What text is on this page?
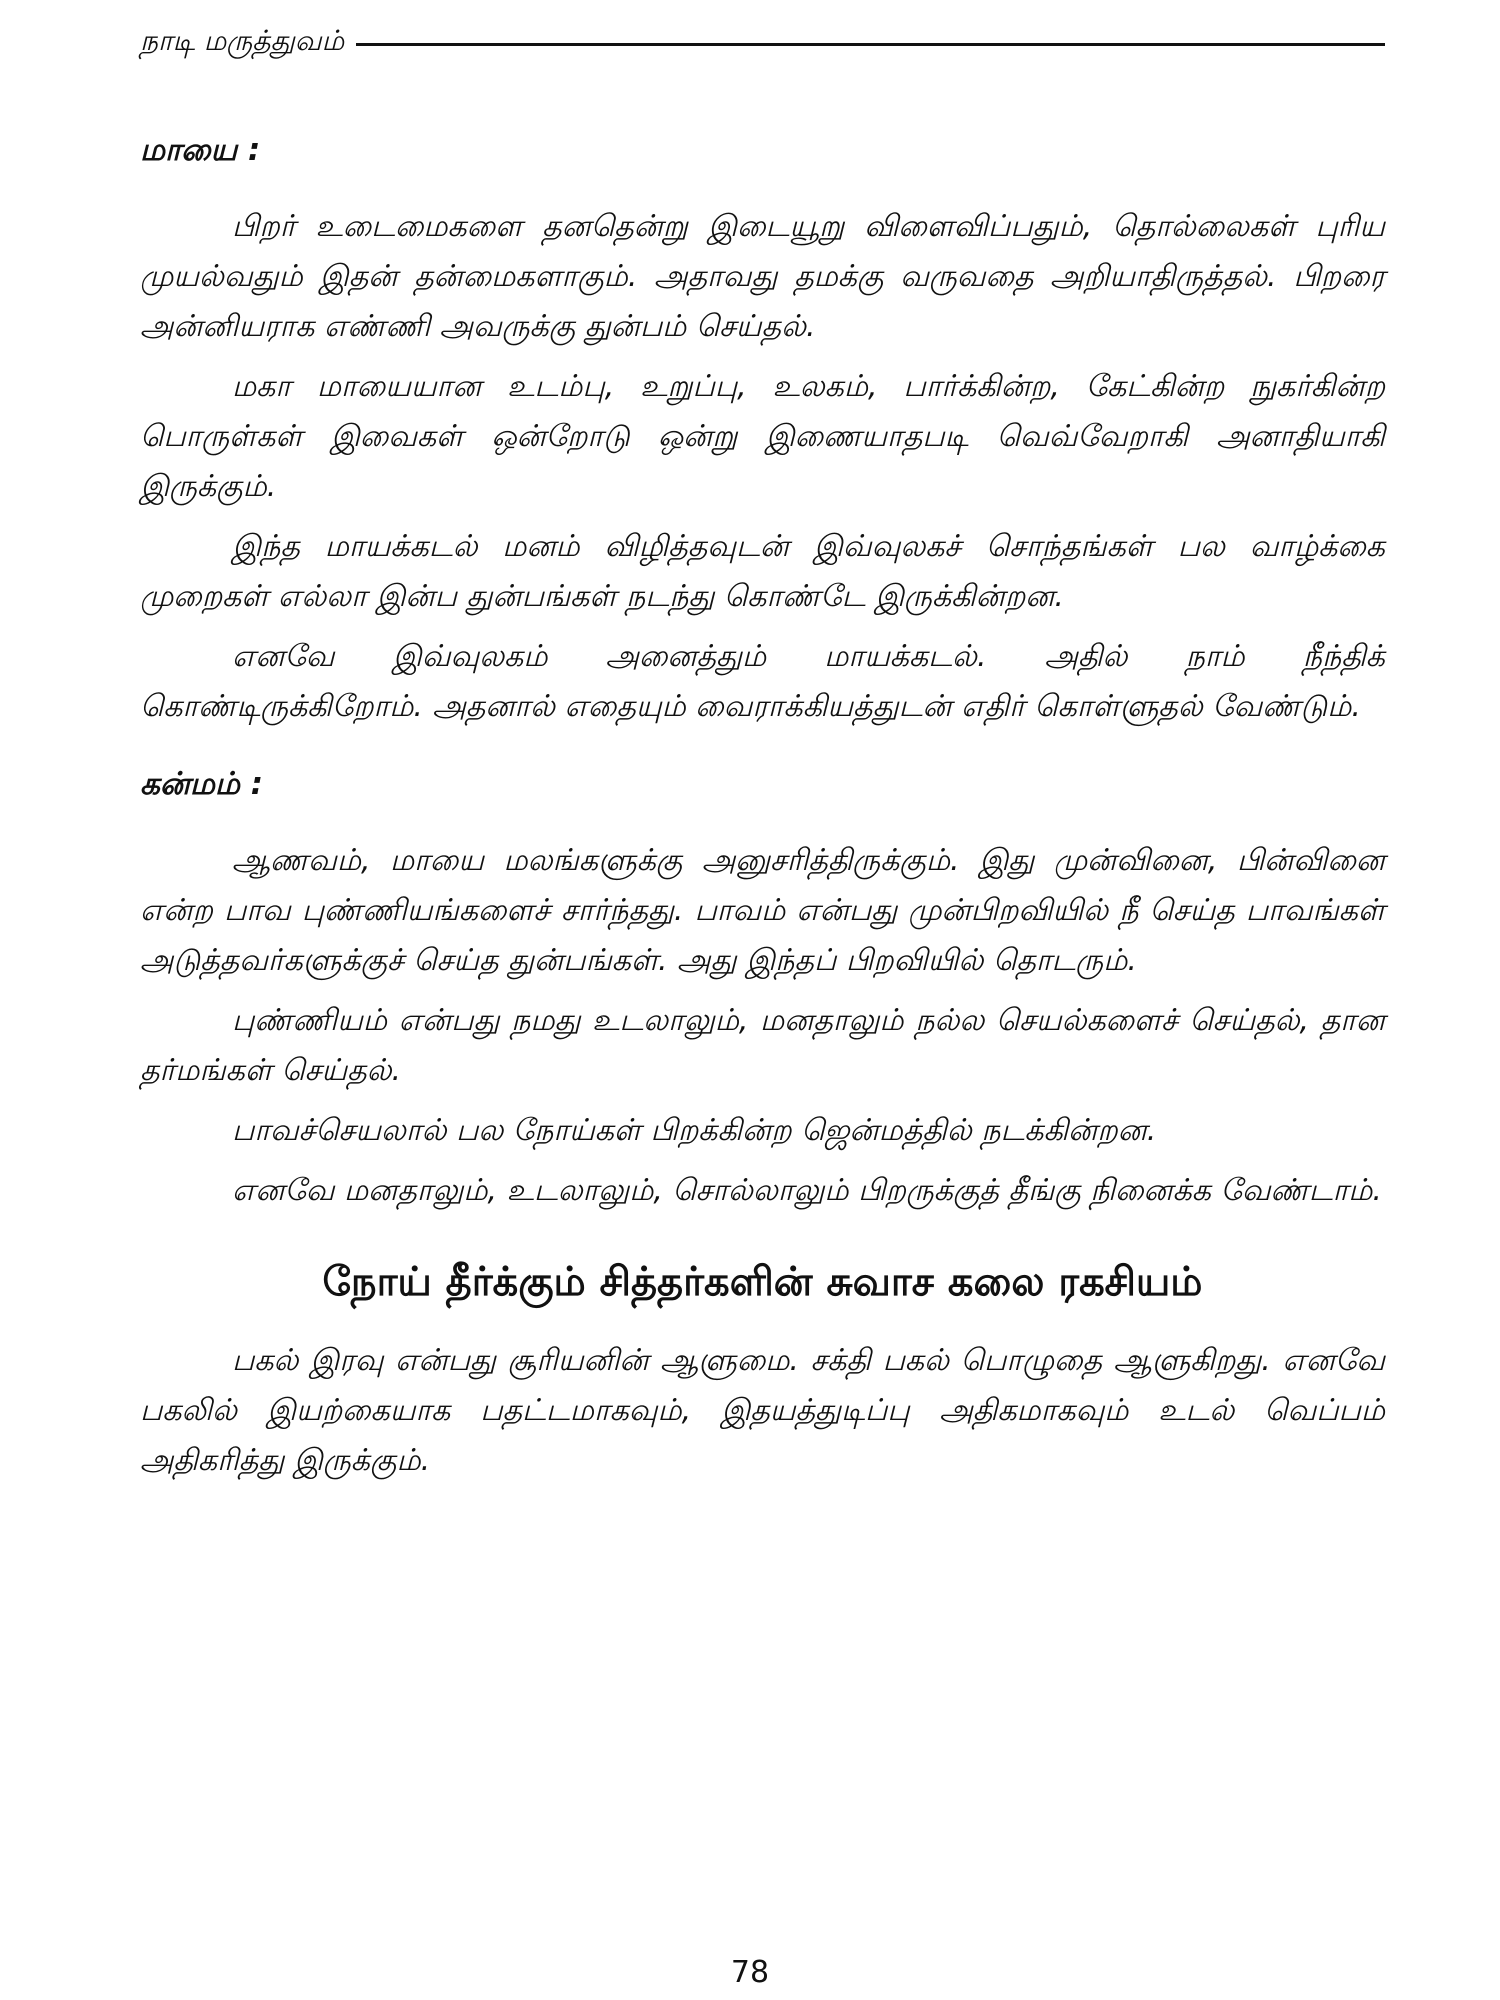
நாடி மருத்துவம்
மாயை :

பிறர் உடைமைகளை தனதென்று இடையூறு விளைவிப்பதும், தொல்லைகள் புரிய முயல்வதும் இதன் தன்மைகளாகும். அதாவது தமக்கு வருவதை அறியாதிருத்தல். பிறரை அன்னியராக எண்ணி அவருக்கு துன்பம் செய்தல்.

மகா மாயையான உடம்பு, உறுப்பு, உலகம், பார்க்கின்ற, கேட்கின்ற நுகர்கின்ற பொருள்கள் இவைகள் ஒன்றோடு ஒன்று இணையாதபடி வெவ்வேறாகி அனாதியாகி இருக்கும்.

இந்த மாயக்கடல் மனம் விழித்தவுடன் இவ்வுலகச் சொந்தங்கள் பல வாழ்க்கை முறைகள் எல்லா இன்ப துன்பங்கள் நடந்து கொண்டே இருக்கின்றன.

எனவே இவ்வுலகம் அனைத்தும் மாயக்கடல். அதில் நாம் நீந்திக் கொண்டிருக்கிறோம். அதனால் எதையும் வைராக்கியத்துடன் எதிர் கொள்ளுதல் வேண்டும்.

கன்மம் :

ஆணவம், மாயை மலங்களுக்கு அனுசரித்திருக்கும். இது முன்வினை, பின்வினை என்ற பாவ புண்ணியங்களைச் சார்ந்தது. பாவம் என்பது முன்பிறவியில் நீ செய்த பாவங்கள் அடுத்தவர்களுக்குச் செய்த துன்பங்கள். அது இந்தப் பிறவியில் தொடரும்.

புண்ணியம் என்பது நமது உடலாலும், மனதாலும் நல்ல செயல்களைச் செய்தல், தான தர்மங்கள் செய்தல்.

பாவச்செயலால் பல நோய்கள் பிறக்கின்ற ஜென்மத்தில் நடக்கின்றன.

எனவே மனதாலும், உடலாலும், சொல்லாலும் பிறருக்குத் தீங்கு நினைக்க வேண்டாம்.

நோய் தீர்க்கும் சித்தர்களின் சுவாச கலை ரகசியம்

பகல் இரவு என்பது சூரியனின் ஆளுமை. சக்தி பகல் பொழுதை ஆளுகிறது. எனவே பகலில் இயற்கையாக பதட்டமாகவும், இதயத்துடிப்பு அதிகமாகவும் உடல் வெப்பம் அதிகரித்து இருக்கும்.

78
